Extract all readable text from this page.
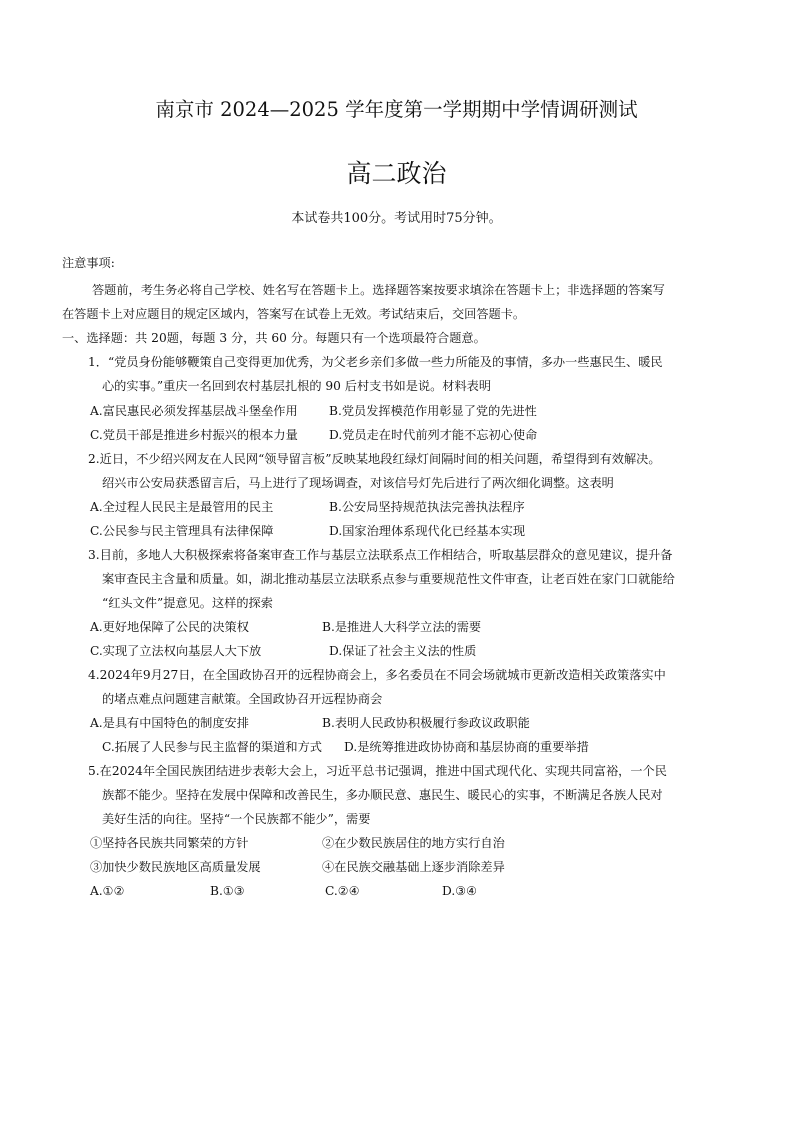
南京市 2024—2025 学年度第一学期期中学情调研测试
高二政治
本试卷共100分。考试用时75分钟。
注意事项:
答题前，考生务必将自己学校、姓名写在答题卡上。选择题答案按要求填涂在答题卡上；非选择题的答案写
在答题卡上对应题目的规定区域内，答案写在试卷上无效。考试结束后，交回答题卡。
一、选择题：共 20题，每题 3 分，共 60 分。每题只有一个选项最符合题意。
1．“党员身份能够鞭策自己变得更加优秀，为父老乡亲们多做一些力所能及的事情，多办一些惠民生、暖民
心的实事。”重庆一名回到农村基层扎根的 90 后村支书如是说。材料表明
A.富民惠民必须发挥基层战斗堡垒作用	B.党员发挥模范作用彰显了党的先进性
C.党员干部是推进乡村振兴的根本力量	D.党员走在时代前列才能不忘初心使命
2.近日，不少绍兴网友在人民网“领导留言板”反映某地段红绿灯间隔时间的相关问题，希望得到有效解决。
绍兴市公安局获悉留言后，马上进行了现场调查，对该信号灯先后进行了两次细化调整。这表明
A.全过程人民民主是最管用的民主	B.公安局坚持规范执法完善执法程序
C.公民参与民主管理具有法律保障	D.国家治理体系现代化已经基本实现
3.目前，多地人大积极探索将备案审查工作与基层立法联系点工作相结合，听取基层群众的意见建议，提升备
案审查民主含量和质量。如，湖北推动基层立法联系点参与重要规范性文件审查，让老百姓在家门口就能给
“红头文件”提意见。这样的探索
A.更好地保障了公民的决策权	B.是推进人大科学立法的需要
C.实现了立法权向基层人大下放	D.保证了社会主义法的性质
4.2024年9月27日，在全国政协召开的远程协商会上，多名委员在不同会场就城市更新改造相关政策落实中
的堵点难点问题建言献策。全国政协召开远程协商会
A.是具有中国特色的制度安排	B.表明人民政协积极履行参政议政职能
C.拓展了人民参与民主监督的渠道和方式 D.是统筹推进政协协商和基层协商的重要举措
5.在2024年全国民族团结进步表彰大会上，习近平总书记强调，推进中国式现代化、实现共同富裕，一个民
族都不能少。坚持在发展中保障和改善民生，多办顺民意、惠民生、暖民心的实事，不断满足各族人民对
美好生活的向往。坚持“一个民族都不能少”，需要
①坚持各民族共同繁荣的方针	②在少数民族居住的地方实行自治
③加快少数民族地区高质量发展	④在民族交融基础上逐步消除差异
A.①②	B.①③	C.②④	D.③④
